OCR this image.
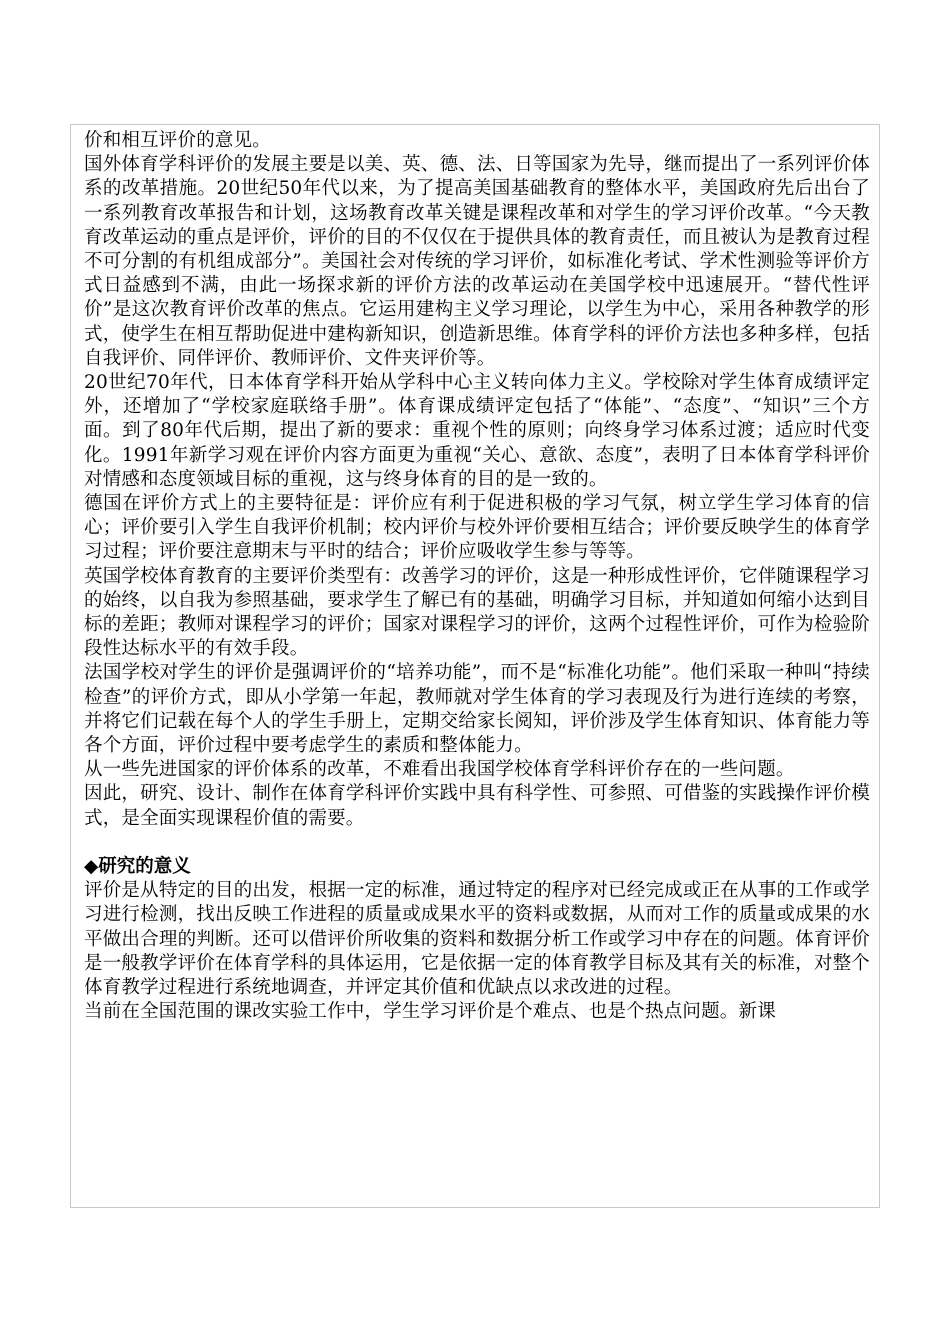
价和相互评价的意见。

国外体育学科评价的发展主要是以美、英、德、法、日等国家为先导，继而提出了一系列评价体系的改革措施。20世纪50年代以来，为了提高美国基础教育的整体水平，美国政府先后出台了一系列教育改革报告和计划，这场教育改革关键是课程改革和对学生的学习评价改革。“今天教育改革运动的重点是评价，评价的目的不仅仅在于提供具体的教育责任，而且被认为是教育过程不可分割的有机组成部分”。美国社会对传统的学习评价，如标准化考试、学术性测验等评价方式日益感到不满，由此一场探求新的评价方法的改革运动在美国学校中迅速展开。“替代性评价”是这次教育评价改革的焦点。它运用建构主义学习理论，以学生为中心，采用各种教学的形式，使学生在相互帮助促进中建构新知识，创造新思维。体育学科的评价方法也多种多样，包括自我评价、同伴评价、教师评价、文件夹评价等。

20世纪70年代，日本体育学科开始从学科中心主义转向体力主义。学校除对学生体育成绩评定外，还增加了“学校家庭联络手册”。体育课成绩评定包括了“体能”、“态度”、“知识”三个方面。到了80年代后期，提出了新的要求：重视个性的原则；向终身学习体系过渡；适应时代变化。1991年新学习观在评价内容方面更为重视“关心、意欲、态度”，表明了日本体育学科评价对情感和态度领域目标的重视，这与终身体育的目的是一致的。

德国在评价方式上的主要特征是：评价应有利于促进积极的学习气氛，树立学生学习体育的信心；评价要引入学生自我评价机制；校内评价与校外评价要相互结合；评价要反映学生的体育学习过程；评价要注意期末与平时的结合；评价应吸收学生参与等等。

英国学校体育教育的主要评价类型有：改善学习的评价，这是一种形成性评价，它伴随课程学习的始终，以自我为参照基础，要求学生了解已有的基础，明确学习目标，并知道如何缩小达到目标的差距；教师对课程学习的评价；国家对课程学习的评价，这两个过程性评价，可作为检验阶段性达标水平的有效手段。

法国学校对学生的评价是强调评价的“培养功能”，而不是“标准化功能”。他们采取一种叫“持续检查”的评价方式，即从小学第一年起，教师就对学生体育的学习表现及行为进行连续的考察，并将它们记载在每个人的学生手册上，定期交给家长阅知，评价涉及学生体育知识、体育能力等各个方面，评价过程中要考虑学生的素质和整体能力。

从一些先进国家的评价体系的改革，不难看出我国学校体育学科评价存在的一些问题。

因此，研究、设计、制作在体育学科评价实践中具有科学性、可参照、可借鉴的实践操作评价模式，是全面实现课程价值的需要。

◆研究的意义

评价是从特定的目的出发，根据一定的标准，通过特定的程序对已经完成或正在从事的工作或学习进行检测，找出反映工作进程的质量或成果水平的资料或数据，从而对工作的质量或成果的水平做出合理的判断。还可以借评价所收集的资料和数据分析工作或学习中存在的问题。体育评价是一般教学评价在体育学科的具体运用，它是依据一定的体育教学目标及其有关的标准，对整个体育教学过程进行系统地调查，并评定其价值和优缺点以求改进的过程。

当前在全国范围的课改实验工作中，学生学习评价是个难点、也是个热点问题。新课
